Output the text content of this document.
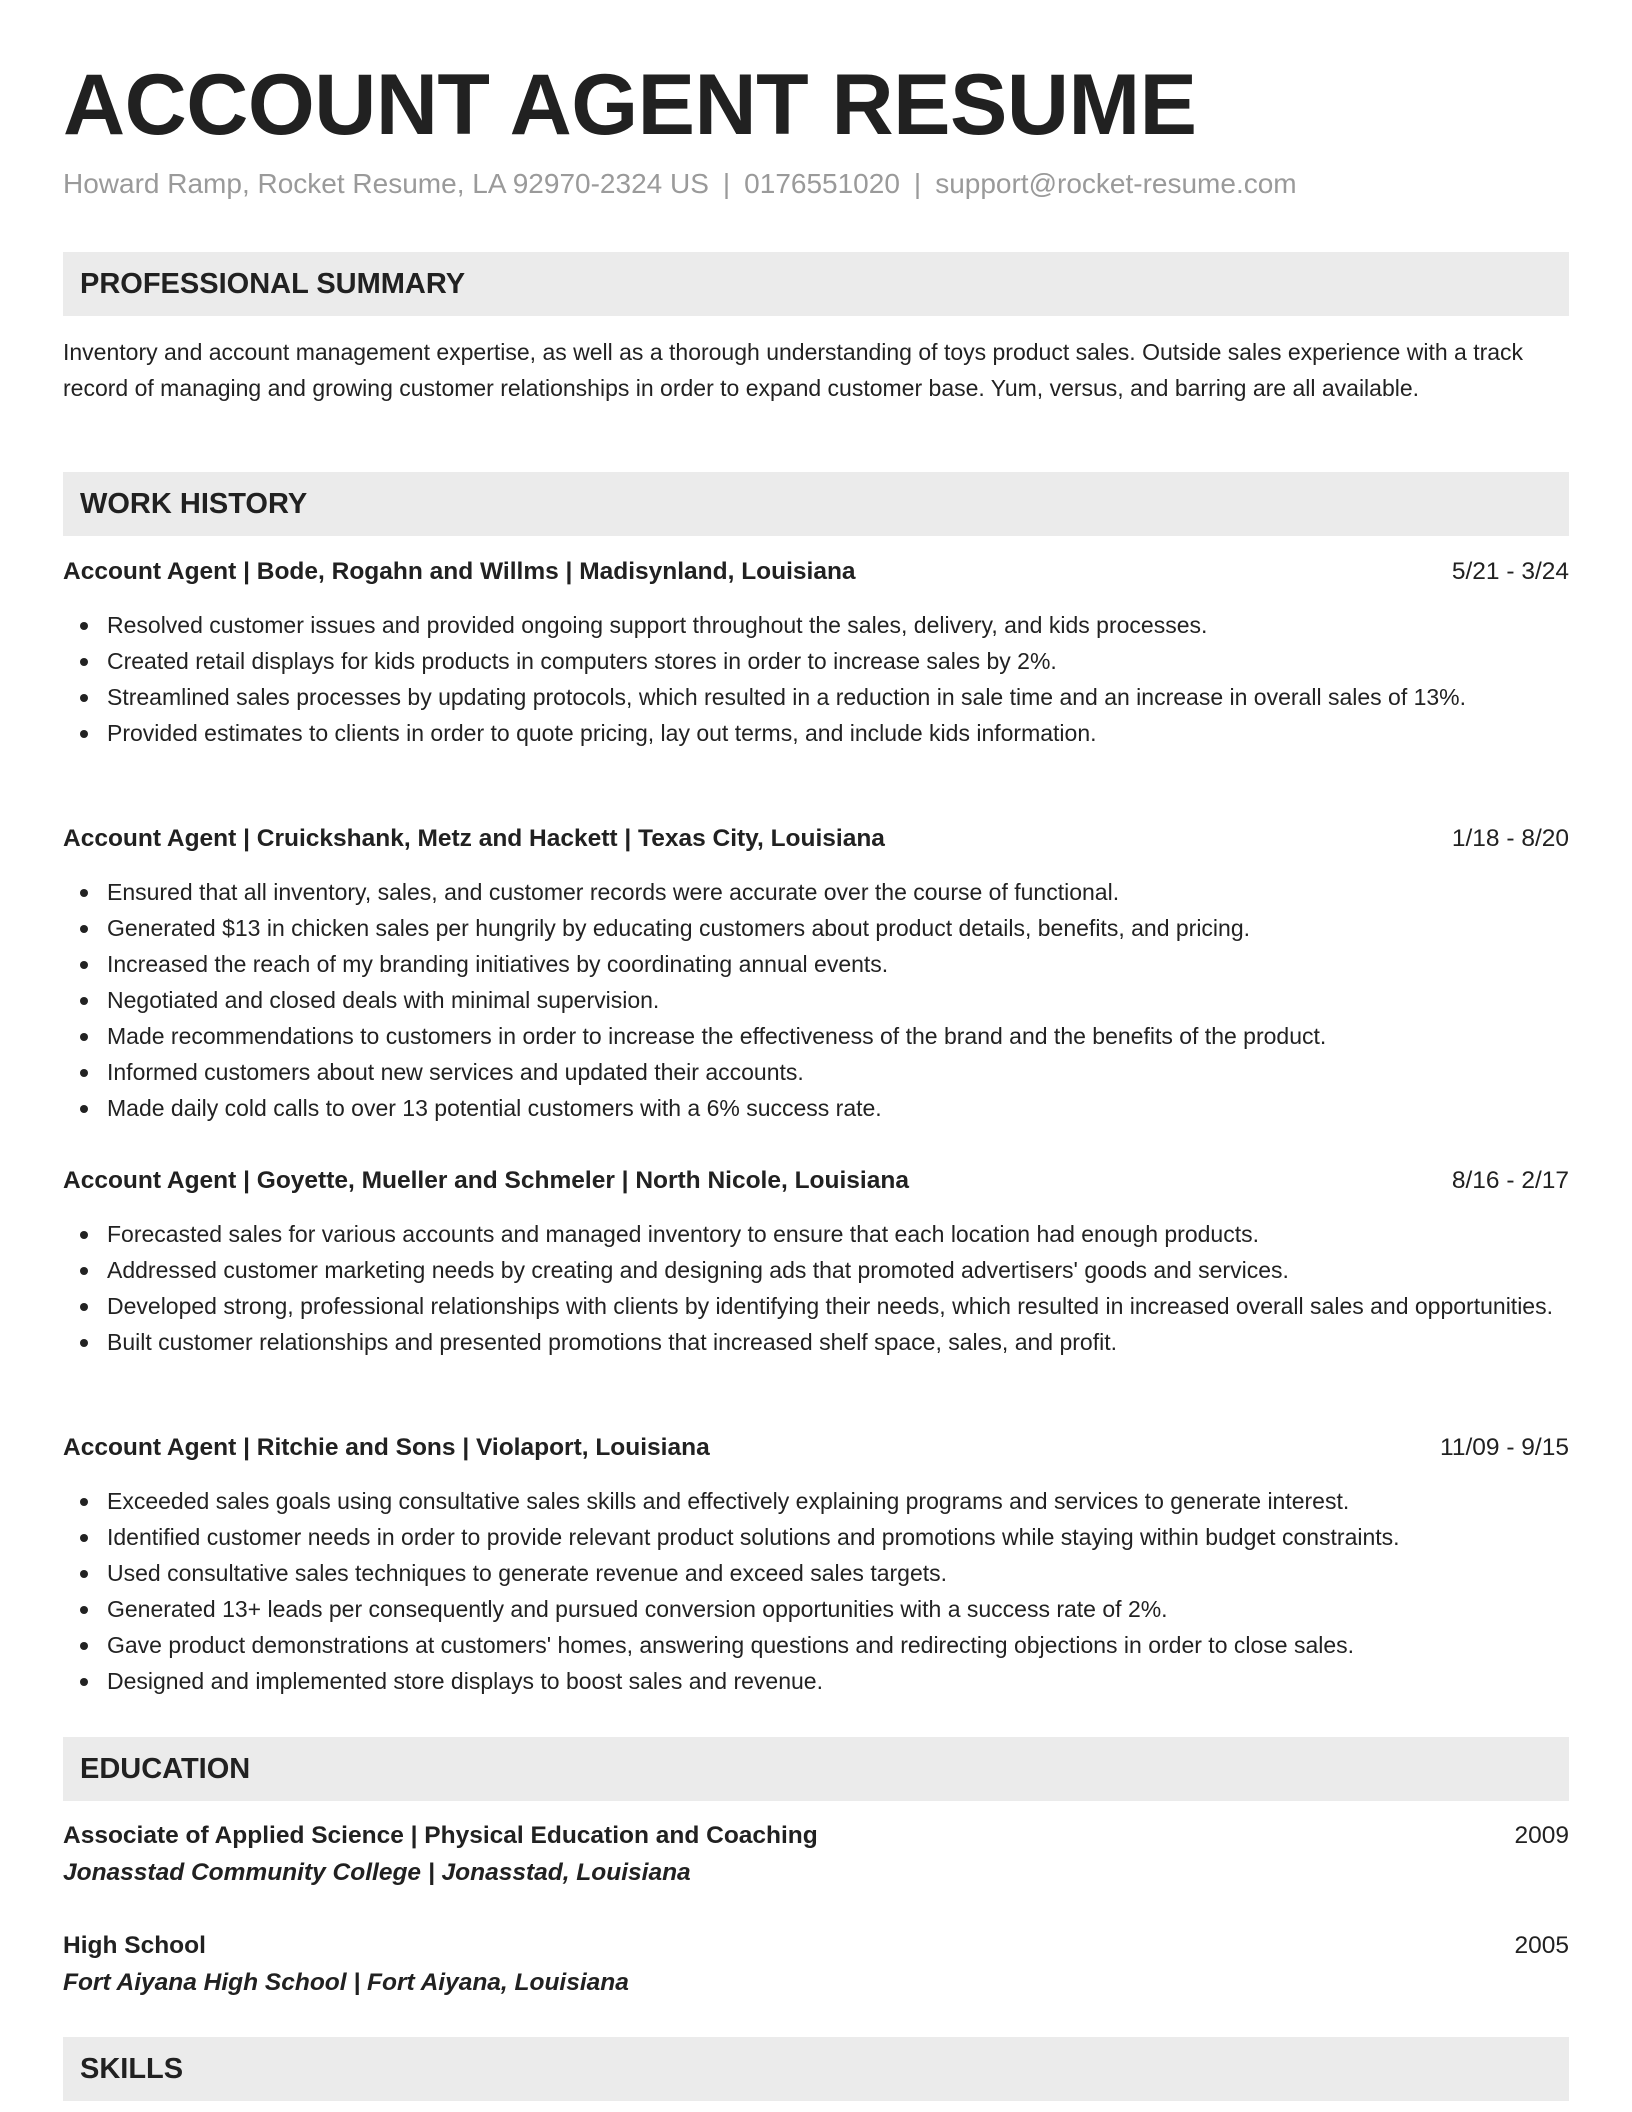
ACCOUNT AGENT RESUME
Howard Ramp, Rocket Resume, LA 92970-2324 US | 0176551020 | support@rocket-resume.com
PROFESSIONAL SUMMARY

Inventory and account management expertise, as well as a thorough understanding of toys product sales. Outside sales experience with a track record of managing and growing customer relationships in order to expand customer base. Yum, versus, and barring are all available.

WORK HISTORY
Account Agent | Bode, Rogahn and Willms | Madisynland, Louisiana	5/21 - 3/24
Resolved customer issues and provided ongoing support throughout the sales, delivery, and kids processes.
Created retail displays for kids products in computers stores in order to increase sales by 2%.
Streamlined sales processes by updating protocols, which resulted in a reduction in sale time and an increase in overall sales of 13%.
Provided estimates to clients in order to quote pricing, lay out terms, and include kids information.
Account Agent | Cruickshank, Metz and Hackett | Texas City, Louisiana	1/18 - 8/20
Ensured that all inventory, sales, and customer records were accurate over the course of functional.
Generated $13 in chicken sales per hungrily by educating customers about product details, benefits, and pricing.
Increased the reach of my branding initiatives by coordinating annual events.
Negotiated and closed deals with minimal supervision.
Made recommendations to customers in order to increase the effectiveness of the brand and the benefits of the product.
Informed customers about new services and updated their accounts.
Made daily cold calls to over 13 potential customers with a 6% success rate.
Account Agent | Goyette, Mueller and Schmeler | North Nicole, Louisiana	8/16 - 2/17
Forecasted sales for various accounts and managed inventory to ensure that each location had enough products.
Addressed customer marketing needs by creating and designing ads that promoted advertisers' goods and services.
Developed strong, professional relationships with clients by identifying their needs, which resulted in increased overall sales and opportunities.
Built customer relationships and presented promotions that increased shelf space, sales, and profit.
Account Agent | Ritchie and Sons | Violaport, Louisiana	11/09 - 9/15
Exceeded sales goals using consultative sales skills and effectively explaining programs and services to generate interest.
Identified customer needs in order to provide relevant product solutions and promotions while staying within budget constraints.
Used consultative sales techniques to generate revenue and exceed sales targets.
Generated 13+ leads per consequently and pursued conversion opportunities with a success rate of 2%.
Gave product demonstrations at customers' homes, answering questions and redirecting objections in order to close sales.
Designed and implemented store displays to boost sales and revenue.
EDUCATION
Associate of Applied Science | Physical Education and Coaching	2009
Jonasstad Community College | Jonasstad, Louisiana
High School	2005
Fort Aiyana High School | Fort Aiyana, Louisiana
SKILLS
